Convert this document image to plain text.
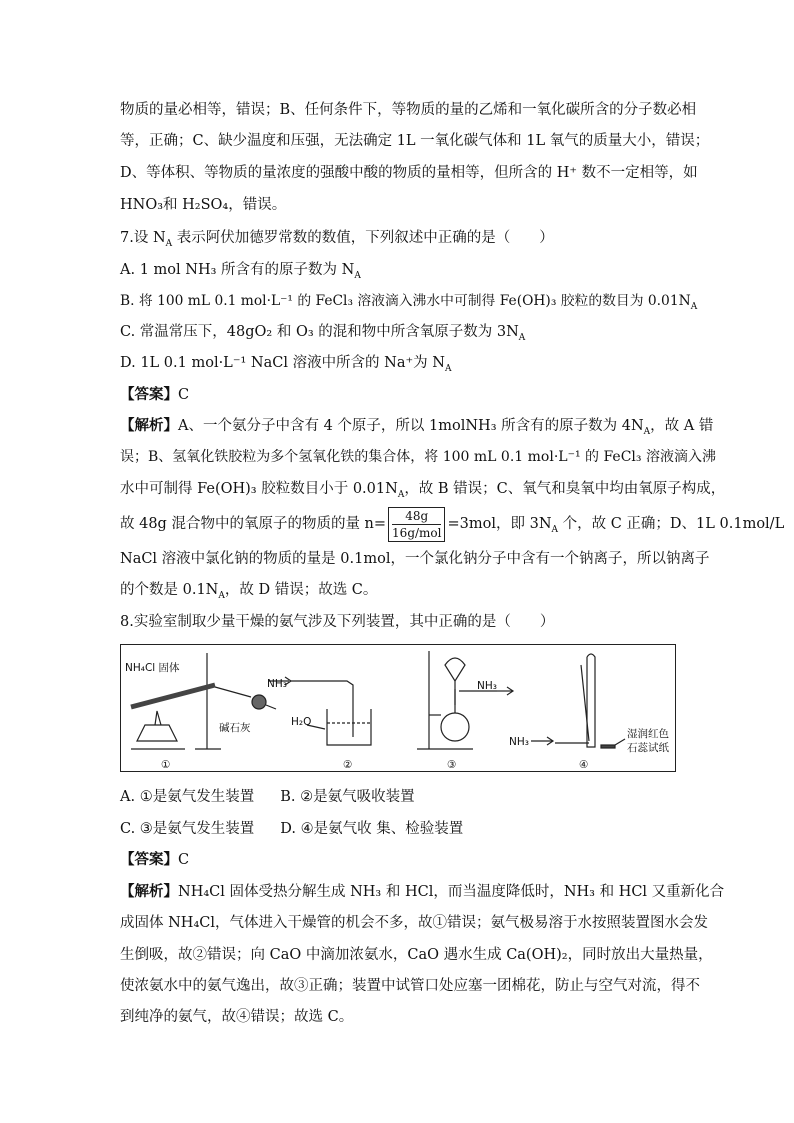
物质的量必相等，错误；B、任何条件下，等物质的量的乙烯和一氧化碳所含的分子数必相
等，正确；C、缺少温度和压强，无法确定 1L 一氧化碳气体和 1L 氧气的质量大小，错误；
D、等体积、等物质的量浓度的强酸中酸的物质的量相等，但所含的 H⁺ 数不一定相等，如
HNO₃和 H₂SO₄，错误。
7.设 $N_A$ 表示阿伏加德罗常数的数值，下列叙述中正确的是（　　）
A. 1 mol NH₃ 所含有的原子数为 $N_A$
B. 将 100 mL 0.1 mol·L⁻¹ 的 FeCl₃ 溶液滴入沸水中可制得 Fe(OH)₃ 胶粒的数目为 $0.01N_A$
C. 常温常压下，48gO₂ 和 O₃ 的混和物中所含氧原子数为 $3N_A$
D. 1L 0.1 mol·L⁻¹ NaCl 溶液中所含的 Na⁺为 $N_A$
【答案】C
【解析】A、一个氨分子中含有 4 个原子，所以 1molNH₃ 所含有的原子数为 $4N_A$，故 A 错
误；B、氢氧化铁胶粒为多个氢氧化铁的集合体，将 100 mL 0.1 mol·L⁻¹ 的 FeCl₃ 溶液滴入沸
水中可制得 Fe(OH)₃ 胶粒数目小于 $0.01N_A$，故 B 错误；C、氧气和臭氧中均由氧原子构成，
故 48g 混合物中的氧原子的物质的量 $n= \frac{48g}{\text{16g/mol}} =3mol$，即 $3N_A$ 个，故 C 正确；D、1L 0.1mol/L
NaCl 溶液中氯化钠的物质的量是 0.1mol，一个氯化钠分子中含有一个钠离子，所以钠离子
的个数是 $0.1N_A$，故 D 错误；故选 C。
8.实验室制取少量干燥的氨气涉及下列装置，其中正确的是（　　）
NH₄Cl 固体
碱石灰
NH₃
H₂O
NH₃
NH₃
湿润红色
石蕊试纸
①	②	③	④
A. ①是氨气发生装置 B. ②是氨气吸收装置
C. ③是氨气发生装置 D. ④是氨气收 集、检验装置
【答案】C
【解析】NH₄Cl 固体受热分解生成 NH₃ 和 HCl，而当温度降低时，NH₃ 和 HCl 又重新化合
成固体 NH₄Cl，气体进入干燥管的机会不多，故①错误；氨气极易溶于水按照装置图水会发
生倒吸，故②错误；向 CaO 中滴加浓氨水，CaO 遇水生成 Ca(OH)₂，同时放出大量热量，
使浓氨水中的氨气逸出，故③正确；装置中试管口处应塞一团棉花，防止与空气对流，得不
到纯净的氨气，故④错误；故选 C。
